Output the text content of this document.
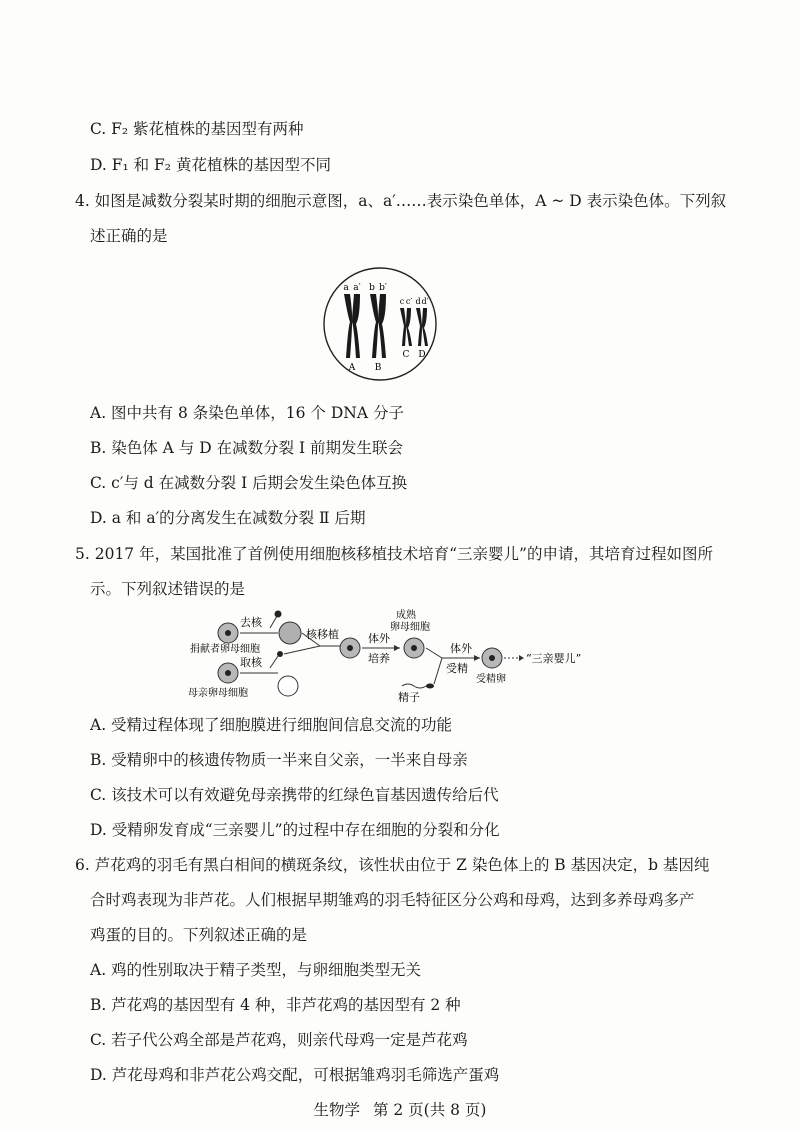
C. F₂ 紫花植株的基因型有两种
D. F₁ 和 F₂ 黄花植株的基因型不同
4. 如图是减数分裂某时期的细胞示意图，a、a′……表示染色单体，A ~ D 表示染色体。下列叙
述正确的是
a a′ b b′
c c′ d d′
A B
C D
A. 图中共有 8 条染色单体，16 个 DNA 分子
B. 染色体 A 与 D 在减数分裂 Ⅰ 前期发生联会
C. c′与 d 在减数分裂 Ⅰ 后期会发生染色体互换
D. a 和 a′的分离发生在减数分裂 Ⅱ 后期
5. 2017 年，某国批准了首例使用细胞核移植技术培育“三亲婴儿”的申请，其培育过程如图所
示。下列叙述错误的是
去核
捐献者卵母细胞
取核
母亲卵母细胞
核移植	体外
培养
成熟
卵母细胞
精子
体外
受精
受精卵
“三亲婴儿”
A. 受精过程体现了细胞膜进行细胞间信息交流的功能
B. 受精卵中的核遗传物质一半来自父亲，一半来自母亲
C. 该技术可以有效避免母亲携带的红绿色盲基因遗传给后代
D. 受精卵发育成“三亲婴儿”的过程中存在细胞的分裂和分化
6. 芦花鸡的羽毛有黑白相间的横斑条纹，该性状由位于 Z 染色体上的 B 基因决定，b 基因纯
合时鸡表现为非芦花。人们根据早期雏鸡的羽毛特征区分公鸡和母鸡，达到多养母鸡多产
鸡蛋的目的。下列叙述正确的是
A. 鸡的性别取决于精子类型，与卵细胞类型无关
B. 芦花鸡的基因型有 4 种，非芦花鸡的基因型有 2 种
C. 若子代公鸡全部是芦花鸡，则亲代母鸡一定是芦花鸡
D. 芦花母鸡和非芦花公鸡交配，可根据雏鸡羽毛筛选产蛋鸡
生物学 第 2 页(共 8 页)
